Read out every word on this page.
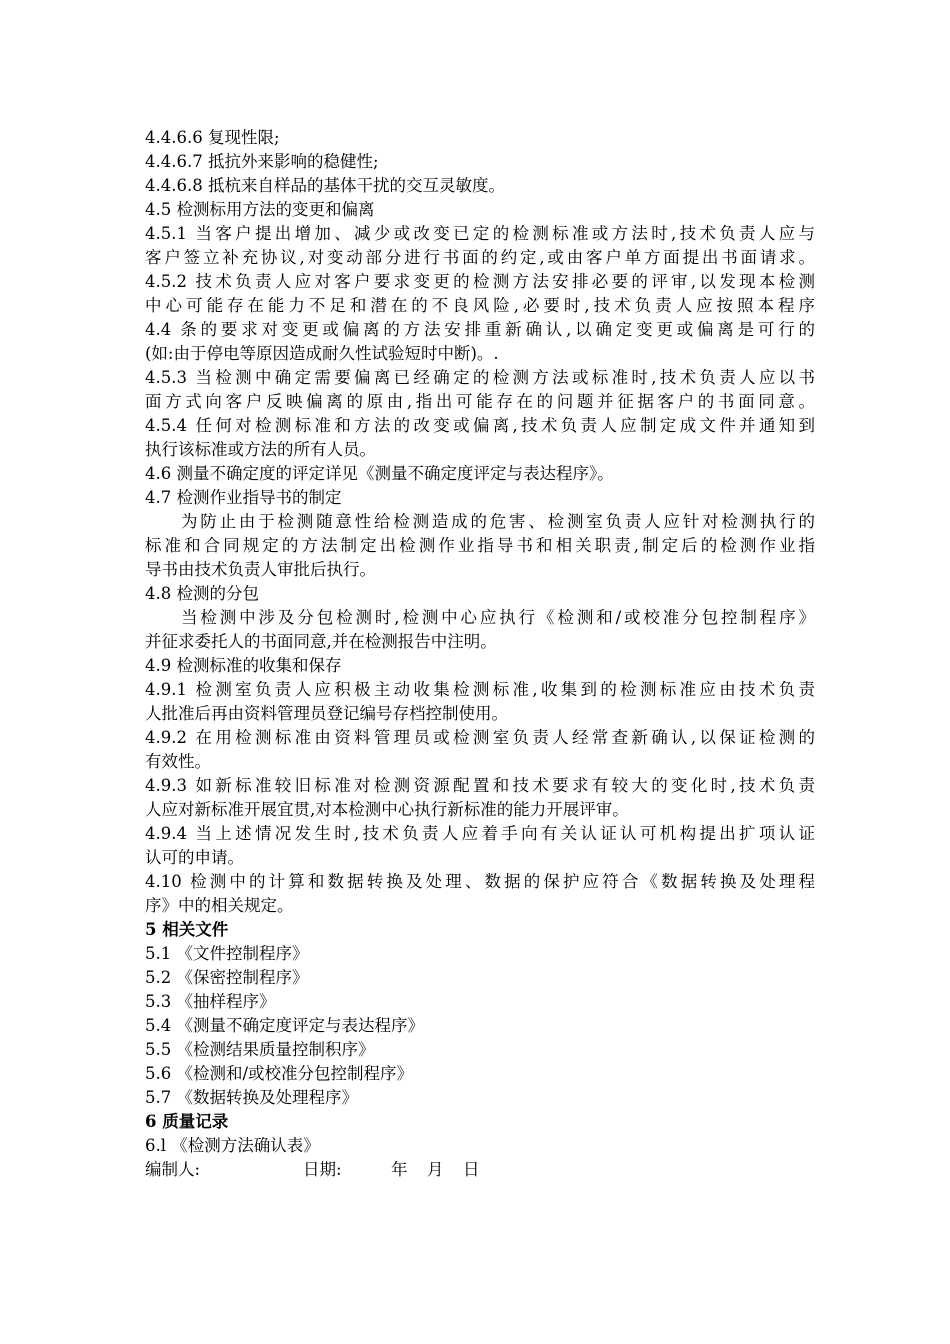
4.4.6.6 复现性限;
4.4.6.7 抵抗外来影响的稳健性;
4.4.6.8 抵杭来自样品的基体干扰的交互灵敏度。
4.5 检测标用方法的变更和偏离
4.5.1 当客户提出增加、减少或改变已定的检测标准或方法时,技术负责人应与
客户签立补充协议,对变动部分进行书面的约定,或由客户单方面提出书面请求。
4.5.2 技术负责人应对客户要求变更的检测方法安排必要的评审,以发现本检测
中心可能存在能力不足和潜在的不良风险,必要时,技术负责人应按照本程序
4.4 条的要求对变更或偏离的方法安排重新确认,以确定变更或偏离是可行的
(如:由于停电等原因造成耐久性试验短时中断)。.
4.5.3 当检测中确定需要偏离已经确定的检测方法或标准时,技术负责人应以书
面方式向客户反映偏离的原由,指出可能存在的问题并征据客户的书面同意。
4.5.4 任何对检测标准和方法的改变或偏离,技术负责人应制定成文件并通知到
执行该标准或方法的所有人员。
4.6 测量不确定度的评定详见《测量不确定度评定与表达程序》。
4.7 检测作业指导书的制定
为防止由于检测随意性给检测造成的危害、检测室负责人应针对检测执行的
标准和合同规定的方法制定出检测作业指导书和相关职责,制定后的检测作业指
导书由技术负责人审批后执行。
4.8 检测的分包
当检测中涉及分包检测时,检测中心应执行《检测和/或校准分包控制程序》
并征求委托人的书面同意,并在检测报告中注明。
4.9 检测标准的收集和保存
4.9.1 检测室负责人应积极主动收集检测标准,收集到的检测标准应由技术负责
人批准后再由资料管理员登记编号存档控制使用。
4.9.2 在用检测标准由资料管理员或检测室负责人经常查新确认,以保证检测的
有效性。
4.9.3 如新标准较旧标准对检测资源配置和技术要求有较大的变化时,技术负责
人应对新标准开展宜贯,对本检测中心执行新标准的能力开展评审。
4.9.4 当上述情况发生时,技术负责人应着手向有关认证认可机构提出扩项认证
认可的申请。
4.10 检测中的计算和数据转换及处理、数据的保护应符合《数据转换及处理程
序》中的相关规定。
5 相关文件
5.1 《文件控制程序》
5.2 《保密控制程序》
5.3 《抽样程序》
5.4 《测量不确定度评定与表达程序》
5.5 《检测结果质量控制积序》
5.6 《检测和/或校准分包控制程序》
5.7 《数据转换及处理程序》
6 质量记录
6.l 《检测方法确认表》
编制人:	日期:	年	月	日
